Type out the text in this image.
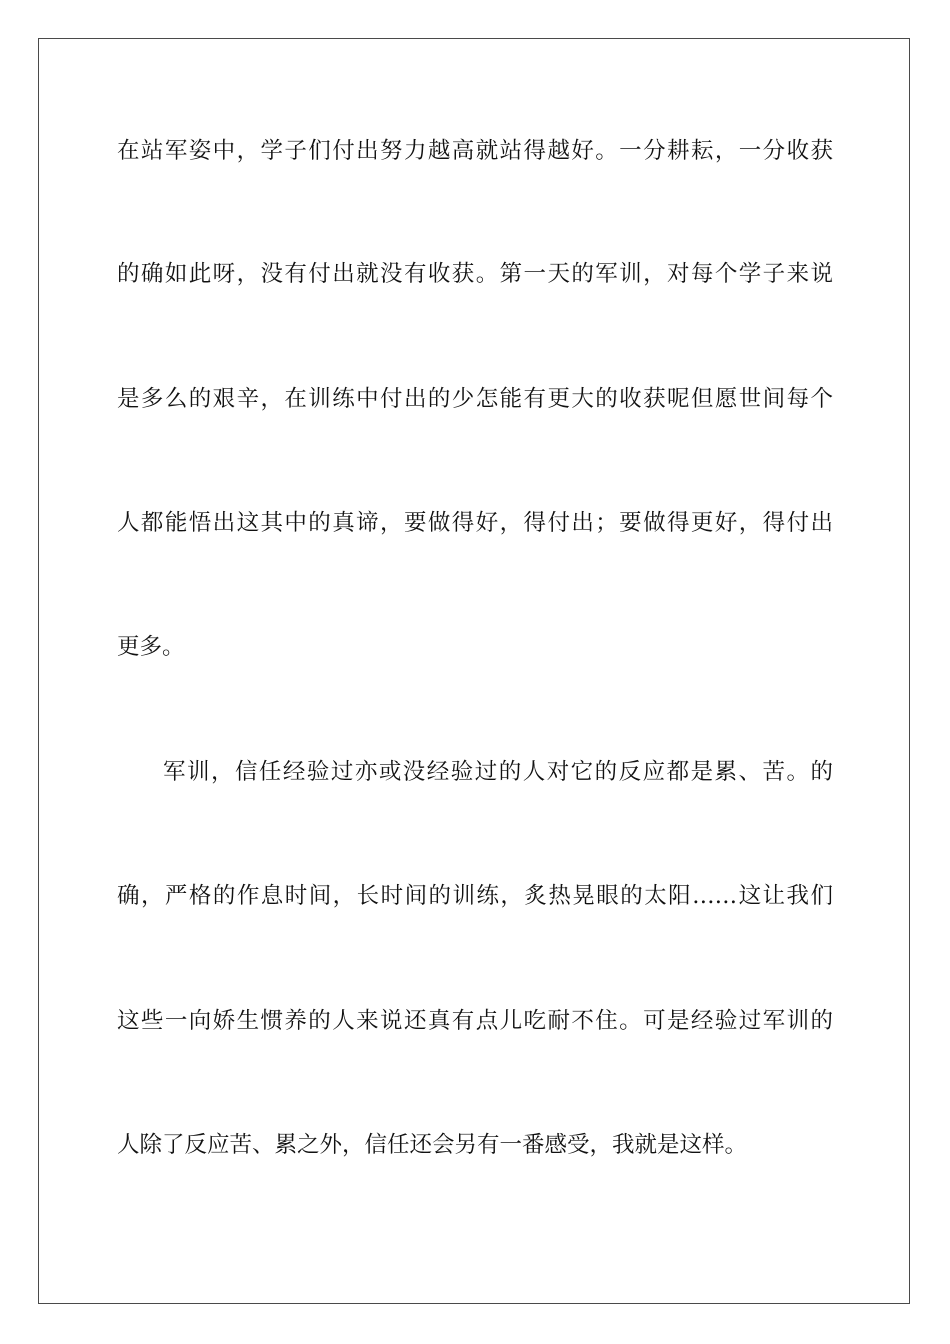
在站军姿中，学子们付出努力越高就站得越好。一分耕耘，一分收获
的确如此呀，没有付出就没有收获。第一天的军训，对每个学子来说
是多么的艰辛，在训练中付出的少怎能有更大的收获呢但愿世间每个
人都能悟出这其中的真谛，要做得好，得付出；要做得更好，得付出
更多。
军训，信任经验过亦或没经验过的人对它的反应都是累、苦。的
确，严格的作息时间，长时间的训练，炙热晃眼的太阳……这让我们
这些一向娇生惯养的人来说还真有点儿吃耐不住。可是经验过军训的
人除了反应苦、累之外，信任还会另有一番感受，我就是这样。
